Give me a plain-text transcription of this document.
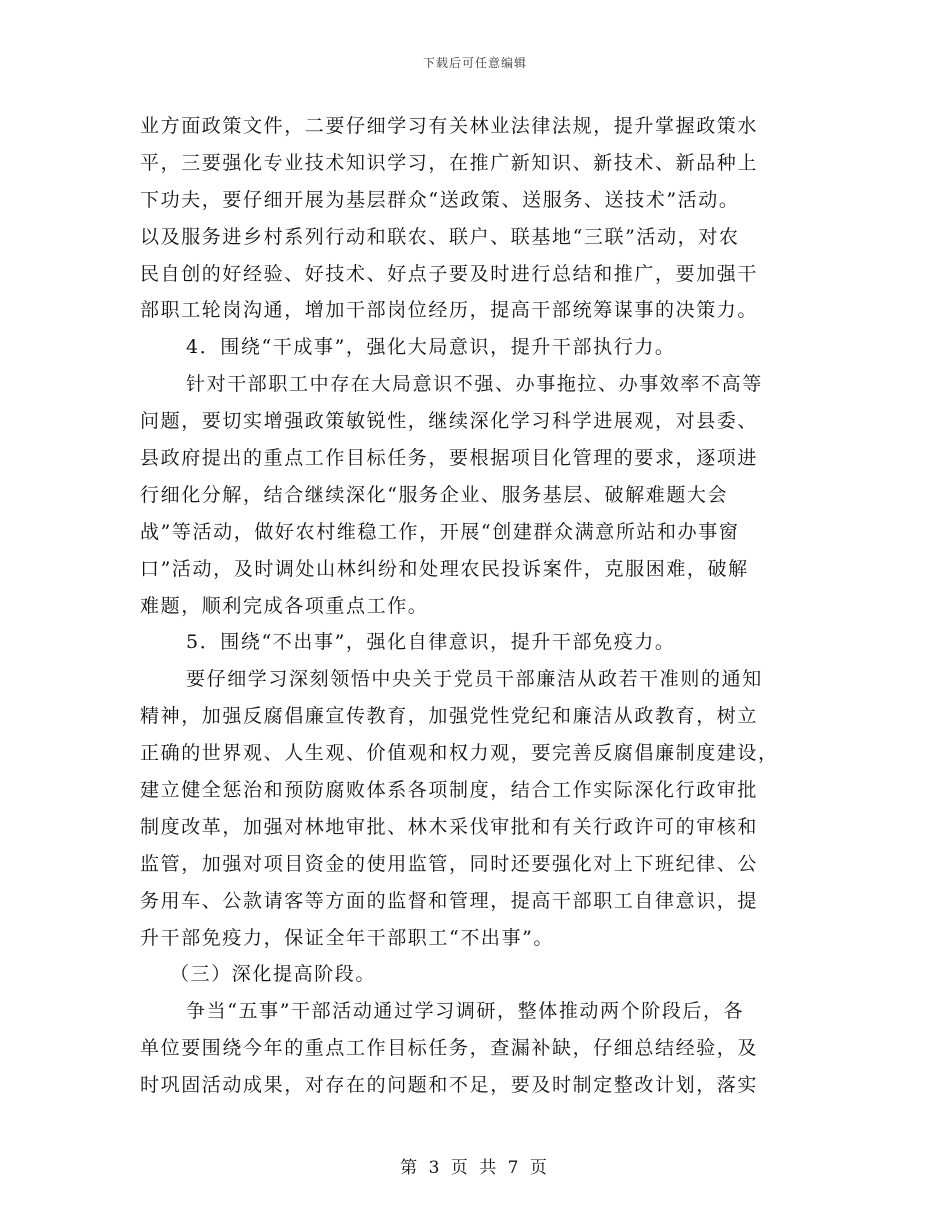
下载后可任意编辑
业方面政策文件，二要仔细学习有关林业法律法规，提升掌握政策水
平，三要强化专业技术知识学习，在推广新知识、新技术、新品种上
下功夫，要仔细开展为基层群众“送政策、送服务、送技术”活动。
以及服务进乡村系列行动和联农、联户、联基地“三联”活动，对农
民自创的好经验、好技术、好点子要及时进行总结和推广，要加强干
部职工轮岗沟通，增加干部岗位经历，提高干部统筹谋事的决策力。
4．围绕“干成事”，强化大局意识，提升干部执行力。
针对干部职工中存在大局意识不强、办事拖拉、办事效率不高等
问题，要切实增强政策敏锐性，继续深化学习科学进展观，对县委、
县政府提出的重点工作目标任务，要根据项目化管理的要求，逐项进
行细化分解，结合继续深化“服务企业、服务基层、破解难题大会
战”等活动，做好农村维稳工作，开展“创建群众满意所站和办事窗
口”活动，及时调处山林纠纷和处理农民投诉案件，克服困难，破解
难题，顺利完成各项重点工作。
5．围绕“不出事”，强化自律意识，提升干部免疫力。
要仔细学习深刻领悟中央关于党员干部廉洁从政若干准则的通知
精神，加强反腐倡廉宣传教育，加强党性党纪和廉洁从政教育，树立
正确的世界观、人生观、价值观和权力观，要完善反腐倡廉制度建设，
建立健全惩治和预防腐败体系各项制度，结合工作实际深化行政审批
制度改革，加强对林地审批、林木采伐审批和有关行政许可的审核和
监管，加强对项目资金的使用监管，同时还要强化对上下班纪律、公
务用车、公款请客等方面的监督和管理，提高干部职工自律意识，提
升干部免疫力，保证全年干部职工“不出事”。
（三）深化提高阶段。
争当“五事”干部活动通过学习调研，整体推动两个阶段后，各
单位要围绕今年的重点工作目标任务，查漏补缺，仔细总结经验，及
时巩固活动成果，对存在的问题和不足，要及时制定整改计划，落实
第 3 页 共 7 页
